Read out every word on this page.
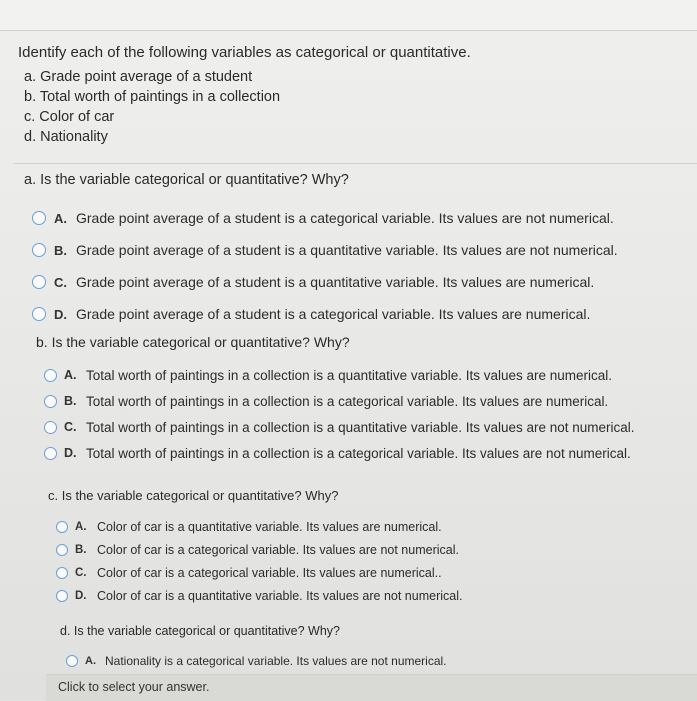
Identify each of the following variables as categorical or quantitative.

a. Grade point average of a student
b. Total worth of paintings in a collection
c. Color of car
d. Nationality

a. Is the variable categorical or quantitative? Why?

A. Grade point average of a student is a categorical variable. Its values are not numerical.
B. Grade point average of a student is a quantitative variable. Its values are not numerical.
C. Grade point average of a student is a quantitative variable. Its values are numerical.
D. Grade point average of a student is a categorical variable. Its values are numerical.

b. Is the variable categorical or quantitative? Why?

A. Total worth of paintings in a collection is a quantitative variable. Its values are numerical.
B. Total worth of paintings in a collection is a categorical variable. Its values are numerical.
C. Total worth of paintings in a collection is a quantitative variable. Its values are not numerical.
D. Total worth of paintings in a collection is a categorical variable. Its values are not numerical.

c. Is the variable categorical or quantitative? Why?

A. Color of car is a quantitative variable. Its values are numerical.
B. Color of car is a categorical variable. Its values are not numerical.
C. Color of car is a categorical variable. Its values are numerical..
D. Color of car is a quantitative variable. Its values are not numerical.

d. Is the variable categorical or quantitative? Why?

A. Nationality is a categorical variable. Its values are not numerical.
Click to select your answer.
